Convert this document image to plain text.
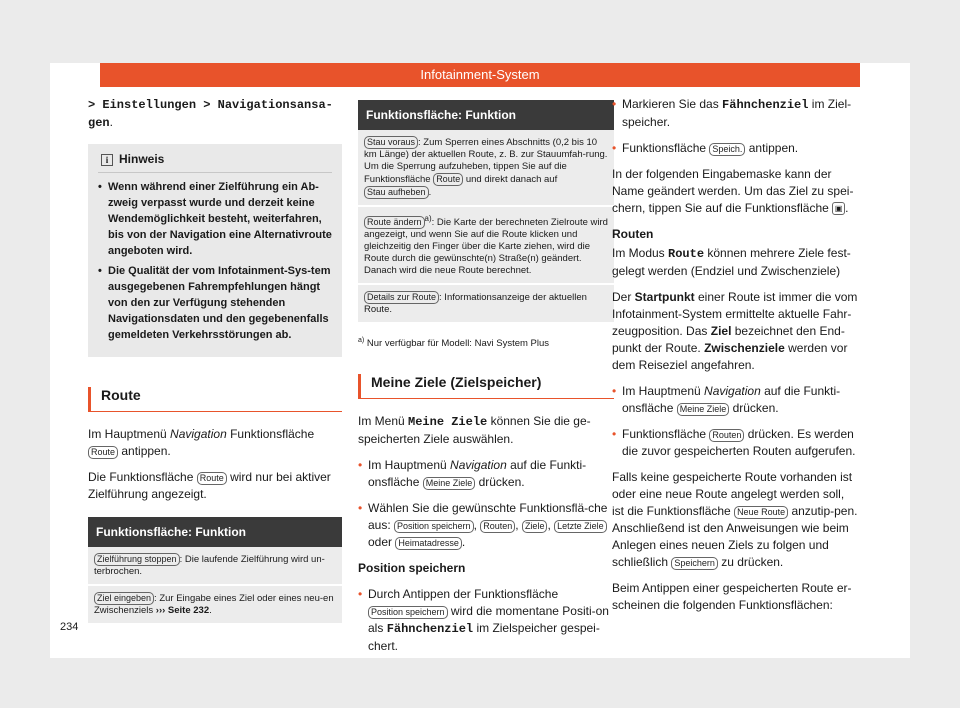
Infotainment-System

> Einstellungen > Navigationsansa-
gen.

i Hinweis
• Wenn während einer Zielführung ein Ab-zweig verpasst wurde und derzeit keine Wendemöglichkeit besteht, weiterfahren, bis von der Navigation eine Alternativroute angeboten wird.
• Die Qualität der vom Infotainment-Sys-tem ausgegebenen Fahrempfehlungen hängt von den zur Verfügung stehenden Navigationsdaten und den gegebenenfalls gemeldeten Verkehrsstörungen ab.
Route

Im Hauptmenü Navigation Funktionsfläche Route antippen.

Die Funktionsfläche Route wird nur bei aktiver Zielführung angezeigt.

Funktionsfläche: Funktion
Zielführung stoppen : Die laufende Zielführung wird un-terbrochen.
Ziel eingeben : Zur Eingabe eines Ziel oder eines neu-en Zwischenziels ››› Seite 232.
Funktionsfläche: Funktion
Stau voraus : Zum Sperren eines Abschnitts (0,2 bis 10 km Länge) der aktuellen Route, z. B. zur Stauumfah-rung. Um die Sperrung aufzuheben, tippen Sie auf die Funktionsfläche Route und direkt danach auf Stau aufheben .
Route ändern $^{a)}$: Die Karte der berechneten Zielroute wird angezeigt, und wenn Sie auf die Route klicken und gleichzeitig den Finger über die Karte ziehen, wird die Route durch die gewünschte(n) Straße(n) geändert. Danach wird die neue Route berechnet.
Details zur Route : Informationsanzeige der aktuellen Route.

$^{a)}$ Nur verfügbar für Modell: Navi System Plus

Meine Ziele (Zielspeicher)

Im Menü Meine Ziele können Sie die ge-speicherten Ziele auswählen.

• Im Hauptmenü Navigation auf die Funkti-onsfläche Meine Ziele drücken.

• Wählen Sie die gewünschte Funktionsflä-che aus: Position speichern , Routen , Ziele , Letzte Ziele oder Heimatadresse .

Position speichern

• Durch Antippen der Funktionsfläche Position speichern wird die momentane Positi-on als Fähnchenziel im Zielspeicher gespei-chert.

• Markieren Sie das Fähnchenziel im Ziel-speicher.

• Funktionsfläche Speich. antippen.

In der folgenden Eingabemaske kann der Name geändert werden. Um das Ziel zu spei-chern, tippen Sie auf die Funktionsfläche ▣ .

Routen

Im Modus Route können mehrere Ziele fest-gelegt werden (Endziel und Zwischenziele)

Der Startpunkt einer Route ist immer die vom Infotainment-System ermittelte aktuelle Fahr-zeugposition. Das Ziel bezeichnet den End-punkt der Route. Zwischenziele werden vor dem Reiseziel angefahren.

• Im Hauptmenü Navigation auf die Funkti-onsfläche Meine Ziele drücken.

• Funktionsfläche Routen drücken. Es werden die zuvor gespeicherten Routen aufgerufen.

Falls keine gespeicherte Route vorhanden ist oder eine neue Route angelegt werden soll, ist die Funktionsfläche Neue Route anzutip-pen. Anschließend ist den Anweisungen wie beim Anlegen eines neuen Ziels zu folgen und schließlich Speichern zu drücken.

Beim Antippen einer gespeicherten Route er-scheinen die folgenden Funktionsflächen:

234
